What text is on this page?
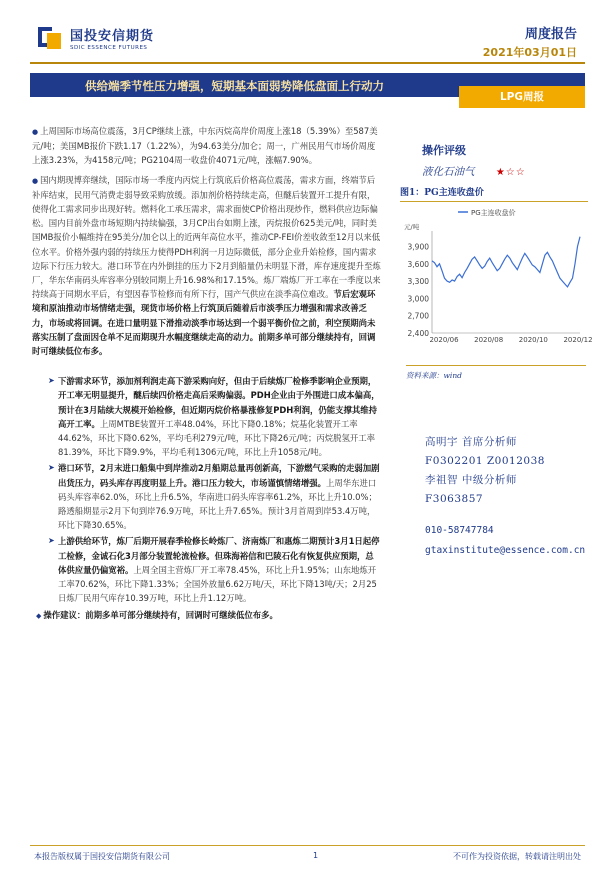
国投安信期货
SDIC ESSENCE FUTURES
周度报告
2021年03月01日
供给端季节性压力增强，短期基本面弱势降低盘面上行动力
LPG周报

● 上周国际市场高位震荡，3月CP继续上涨，中东丙烷高岸价周度上涨18（5.39%）至587美元/吨；美国MB报价下跌1.17（1.22%），为94.63美分/加仑；周一，广州民用气市场价周度上涨3.23%，为4158元/吨；PG2104周一收盘价4071元/吨，涨幅7.90%。

● 国内期现博弈继续，国际市场一季度内丙烷上行筑底后价格高位震荡，需求方面，终端节后补库结束，民用气消费走弱导致采购放缓。添加剂价格持续走高，但醚后装置开工提升有限，使得化工需求同步出现好转。燃料化工承压需求，需求面使CP价格出现炒作，燃料供应边际偏松。国内目前外盘市场短期内持续偏强，3月CP出台如期上涨，丙烷报价625美元/吨，同时美国MB报价小幅维持在95美分/加仑以上的近两年高位水平，推动CP-FEI价差收敛至12月以来低位水平。价格外强内弱的持续压力使得PDH利润一月边际微低，部分企业升始检修，国内需求边际下行压力较大。港口环节在内外倒挂的压力下2月到船量仍未明显下滑，库存速度提升至炼厂，华东华南码头库容率分别较同期上升16.98%和17.15%。炼厂端炼厂开工率在一季度以来持续高于同期水平后，有望因春节检修而有所下行，国产气供应在淡季高位难改。节后宏观环境和原油推动市场情绪走强，现货市场价格上行筑顶后随着后市淡季压力增强和需求改善乏力，市场或将回调。在进口量明显下滑推动淡季市场达到一个弱平衡价位之前，利空预期尚未落实压制了盘面因仓单不足而期现升水幅度继续走高的动力。前期多单可部分继续持有，回调时可继续低位布多。

➤ 下游需求环节，添加剂利润走高下游采购向好，但由于后续炼厂检修季影响企业预期，开工率无明显提升，醚后续四价格走高后采购偏弱。PDH企业由于外围进口成本偏高，预计在3月陆续大规模开始检修，但近期丙烷价格暴涨修复PDH利润，仍能支撑其维持高开工率。上周MTBE装置开工率48.04%，环比下降0.18%；烷基化装置开工率44.62%，环比下降0.62%，平均毛利279元/吨，环比下降26元/吨；丙烷脱氢开工率81.39%，环比下降9.9%，平均毛利1306元/吨，环比上升1058元/吨。
➤ 港口环节，2月末进口船集中到岸推动2月船期总量再创新高，下游燃气采购的走弱加剧出货压力，码头库存再度明显上升。港口压力较大，市场谨慎情绪增强。上周华东进口码头库容率62.0%，环比上升6.5%，华南进口码头库容率61.2%，环比上升10.0%；路透船期显示2月下旬到岸76.9万吨，环比上升7.65%。预计3月首周到岸53.4万吨，环比下降30.65%。
➤ 上游供给环节，炼厂后期开展春季检修长岭炼厂、济南炼厂和惠炼二期预计3月1日起停工检修，金诚石化3月部分装置轮流检修。但珠海裕信和巴陵石化有恢复供应预期，总体供应量仍偏宽裕。上周全国主营炼厂开工率78.45%，环比上升1.95%；山东地炼开工率70.62%，环比下降1.33%；全国外放量6.62万吨/天，环比下降13吨/天；2月25日炼厂民用气库存10.39万吨，环比上升1.12万吨。
◆ 操作建议：前期多单可部分继续持有，回调时可继续低位布多。
操作评级
液化石油气 ★☆☆
图1：PG主连收盘价
PG主连收盘价
元/吨
2,400
2,700
3,000
3,300
3,600
3,900
2020/06 2020/08 2020/10 2020/12
资料来源：wind
高明宇 首席分析师
F0302201 Z0012038
李祖智 中级分析师
F3063857
010-58747784
gtaxinstitute@essence.com.cn
本报告版权属于国投安信期货有限公司	1	不可作为投资依据，转载请注明出处
